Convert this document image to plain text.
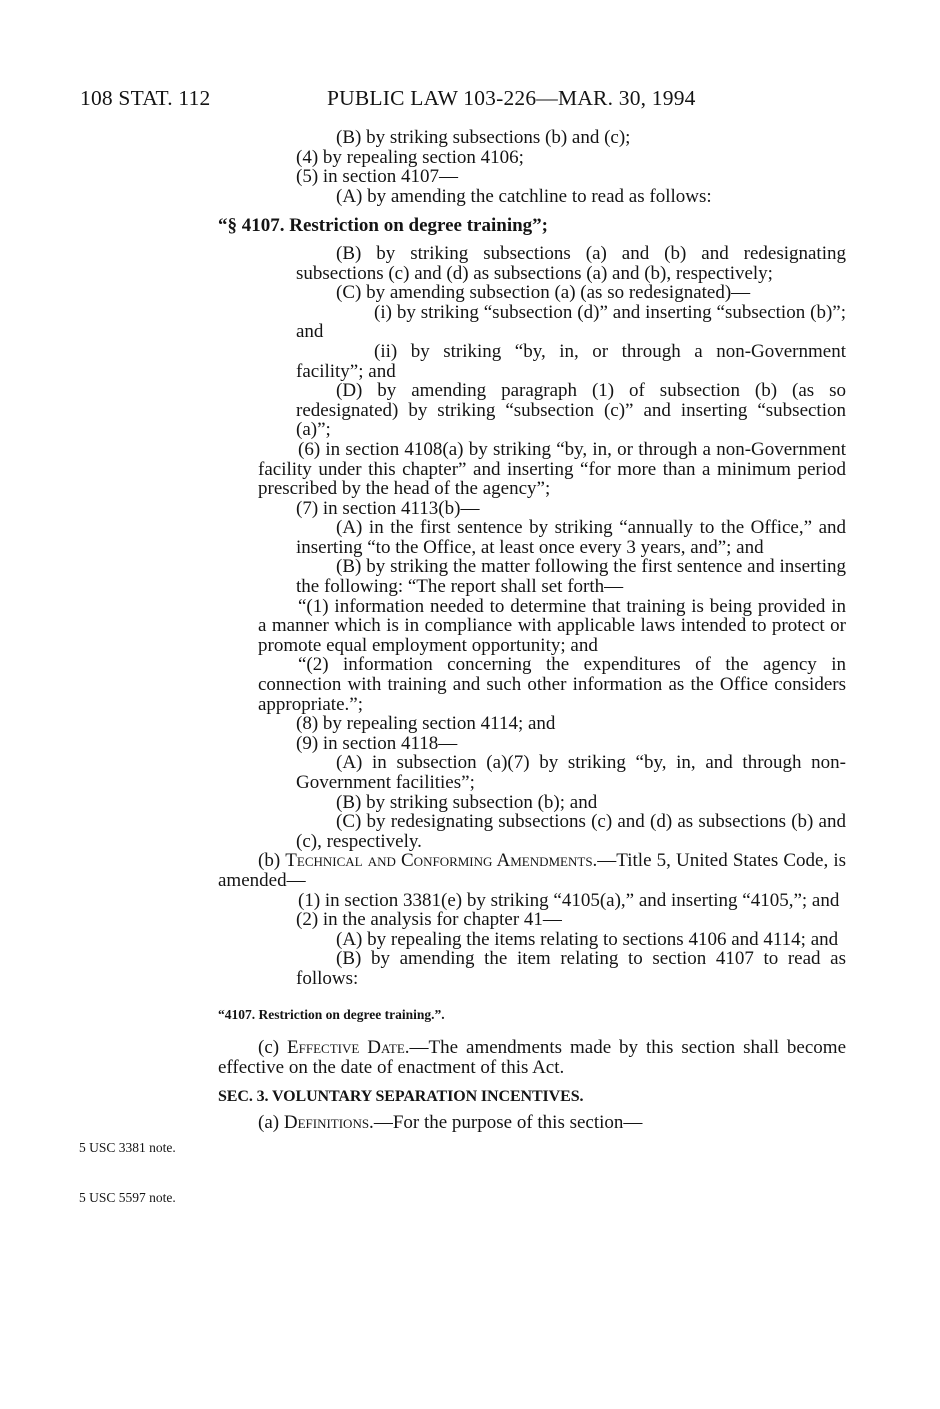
108 STAT. 112	PUBLIC LAW 103-226—MAR. 30, 1994
5 USC 3381 note.
5 USC 5597 note.

(B) by striking subsections (b) and (c);

(4) by repealing section 4106;

(5) in section 4107—

(A) by amending the catchline to read as follows:

“§ 4107. Restriction on degree training”;

(B) by striking subsections (a) and (b) and redesignating subsections (c) and (d) as subsections (a) and (b), respectively;

(C) by amending subsection (a) (as so redesignated)—

(i) by striking “subsection (d)” and inserting “subsection (b)”; and

(ii) by striking “by, in, or through a non-Government facility”; and

(D) by amending paragraph (1) of subsection (b) (as so redesignated) by striking “subsection (c)” and inserting “subsection (a)”;

(6) in section 4108(a) by striking “by, in, or through a non-Government facility under this chapter” and inserting “for more than a minimum period prescribed by the head of the agency”;

(7) in section 4113(b)—

(A) in the first sentence by striking “annually to the Office,” and inserting “to the Office, at least once every 3 years, and”; and

(B) by striking the matter following the first sentence and inserting the following: “The report shall set forth—

“(1) information needed to determine that training is being provided in a manner which is in compliance with applicable laws intended to protect or promote equal employment opportunity; and

“(2) information concerning the expenditures of the agency in connection with training and such other information as the Office considers appropriate.”;

(8) by repealing section 4114; and

(9) in section 4118—

(A) in subsection (a)(7) by striking “by, in, and through non-Government facilities”;

(B) by striking subsection (b); and

(C) by redesignating subsections (c) and (d) as subsections (b) and (c), respectively.

(b) Technical and Conforming Amendments.—Title 5, United States Code, is amended—

(1) in section 3381(e) by striking “4105(a),” and inserting “4105,”; and

(2) in the analysis for chapter 41—

(A) by repealing the items relating to sections 4106 and 4114; and

(B) by amending the item relating to section 4107 to read as follows:

“4107. Restriction on degree training.”.

(c) Effective Date.—The amendments made by this section shall become effective on the date of enactment of this Act.

SEC. 3. VOLUNTARY SEPARATION INCENTIVES.

(a) Definitions.—For the purpose of this section—
